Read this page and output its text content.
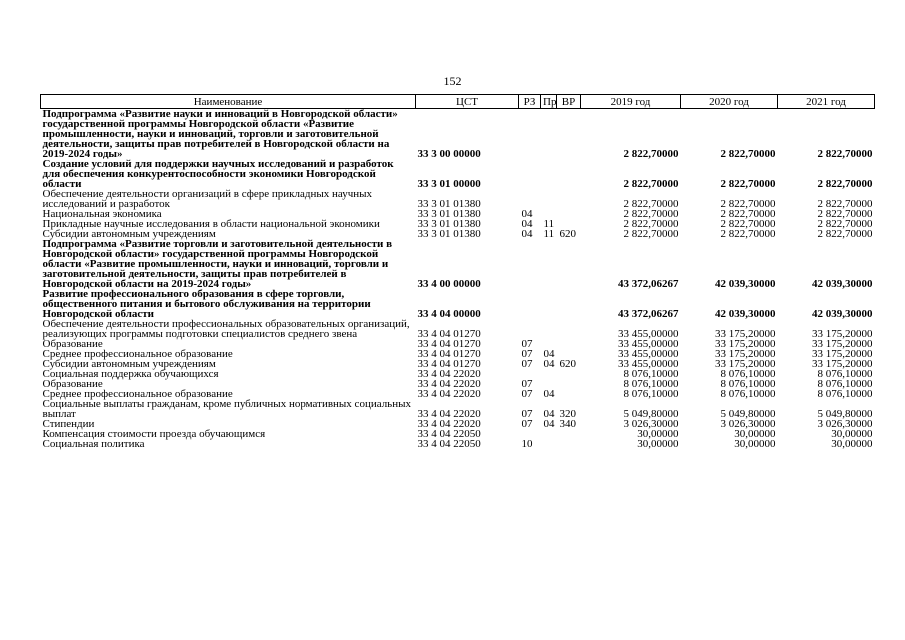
152
Наименование	ЦСТ	РЗ	Пр	ВР	2019 год	2020 год	2021 год
Подпрограмма «Развитие науки и инноваций в Новгородской области» государственной программы Новгородской области «Развитие промышленности, науки и инноваций, торговли и заготовительной деятельности, защиты прав потребителей в Новгородской области на 2019-2024 годы»	33 3 00 00000				2 822,70000	2 822,70000	2 822,70000
Создание условий для поддержки научных исследований и разработок для обеспечения конкурентоспособности экономики Новгородской области	33 3 01 00000				2 822,70000	2 822,70000	2 822,70000
Обеспечение деятельности организаций в сфере прикладных научных исследований и разработок	33 3 01 01380				2 822,70000	2 822,70000	2 822,70000
Национальная экономика	33 3 01 01380	04			2 822,70000	2 822,70000	2 822,70000
Прикладные научные исследования в области национальной экономики	33 3 01 01380	04	11		2 822,70000	2 822,70000	2 822,70000
Субсидии автономным учреждениям	33 3 01 01380	04	11	620	2 822,70000	2 822,70000	2 822,70000
Подпрограмма «Развитие торговли и заготовительной деятельности в Новгородской области» государственной программы Новгородской области «Развитие промышленности, науки и инноваций, торговли и заготовительной деятельности, защиты прав потребителей в Новгородской области на 2019-2024 годы»	33 4 00 00000				43 372,06267	42 039,30000	42 039,30000
Развитие профессионального образования в сфере торговли, общественного питания и бытового обслуживания на территории Новгородской области	33 4 04 00000				43 372,06267	42 039,30000	42 039,30000
Обеспечение деятельности профессиональных образовательных организаций, реализующих программы подготовки специалистов среднего звена	33 4 04 01270				33 455,00000	33 175,20000	33 175,20000
Образование	33 4 04 01270	07			33 455,00000	33 175,20000	33 175,20000
Среднее профессиональное образование	33 4 04 01270	07	04		33 455,00000	33 175,20000	33 175,20000
Субсидии автономным учреждениям	33 4 04 01270	07	04	620	33 455,00000	33 175,20000	33 175,20000
Социальная поддержка обучающихся	33 4 04 22020				8 076,10000	8 076,10000	8 076,10000
Образование	33 4 04 22020	07			8 076,10000	8 076,10000	8 076,10000
Среднее профессиональное образование	33 4 04 22020	07	04		8 076,10000	8 076,10000	8 076,10000
Социальные выплаты гражданам, кроме публичных нормативных социальных выплат	33 4 04 22020	07	04	320	5 049,80000	5 049,80000	5 049,80000
Стипендии	33 4 04 22020	07	04	340	3 026,30000	3 026,30000	3 026,30000
Компенсация стоимости проезда обучающимся	33 4 04 22050				30,00000	30,00000	30,00000
Социальная политика	33 4 04 22050	10			30,00000	30,00000	30,00000
